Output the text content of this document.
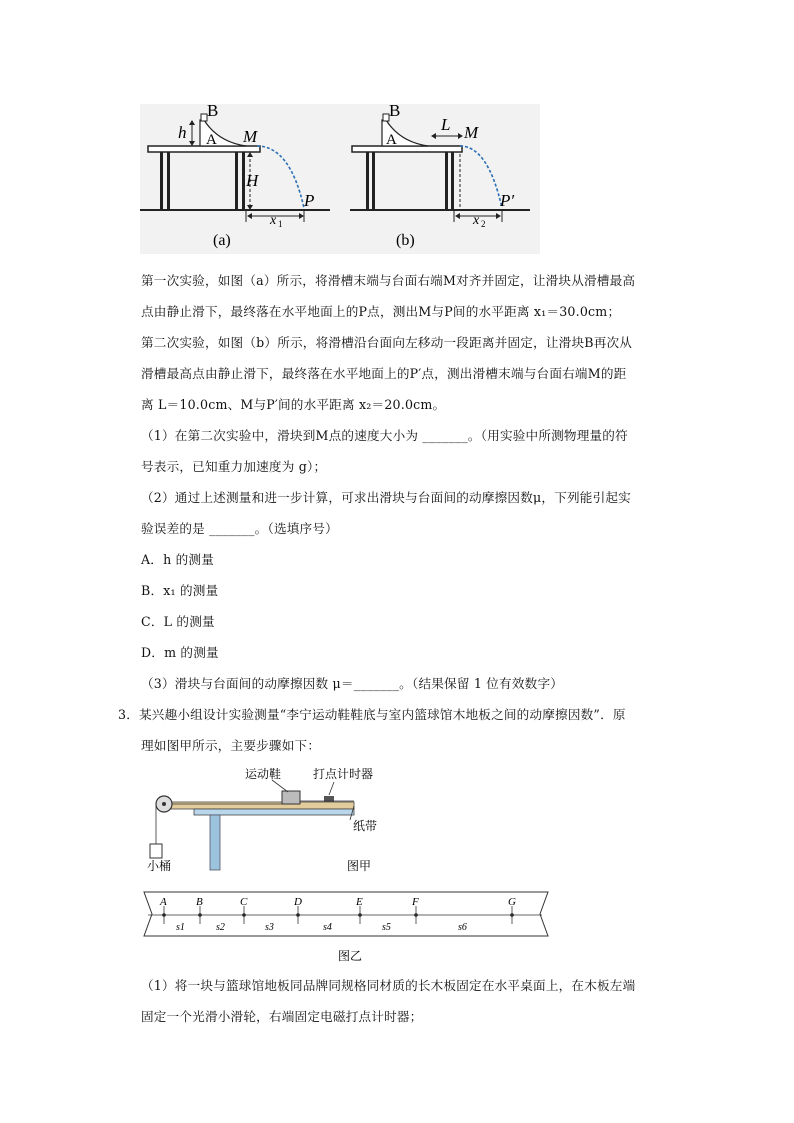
B
A
h	M
H
P
x 1
(a)
B
A
L M
P′
x 2
(b)
第一次实验，如图（a）所示，将滑槽末端与台面右端M对齐并固定，让滑块从滑槽最高
点由静止滑下，最终落在水平地面上的P点，测出M与P间的水平距离 x₁＝30.0cm；
第二次实验，如图（b）所示，将滑槽沿台面向左移动一段距离并固定，让滑块B再次从
滑槽最高点由静止滑下，最终落在水平地面上的P′点，测出滑槽末端与台面右端M的距
离 L＝10.0cm、M与P′间的水平距离 x₂＝20.0cm。
（1）在第二次实验中，滑块到M点的速度大小为 _______。（用实验中所测物理量的符
号表示，已知重力加速度为 g）；
（2）通过上述测量和进一步计算，可求出滑块与台面间的动摩擦因数μ，下列能引起实
验误差的是 _______。（选填序号）
A．h 的测量
B．x₁ 的测量
C．L 的测量
D．m 的测量
（3）滑块与台面间的动摩擦因数 μ＝_______。（结果保留 1 位有效数字）
3．某兴趣小组设计实验测量“李宁运动鞋鞋底与室内篮球馆木地板之间的动摩擦因数”．原
理如图甲所示，主要步骤如下：
运动鞋	打点计时器
纸带
小桶	图甲
A	B	C	D	E	F	G
s1	s2	s3	s4	s5	s6
图乙
（1）将一块与篮球馆地板同品牌同规格同材质的长木板固定在水平桌面上，在木板左端
固定一个光滑小滑轮，右端固定电磁打点计时器；
